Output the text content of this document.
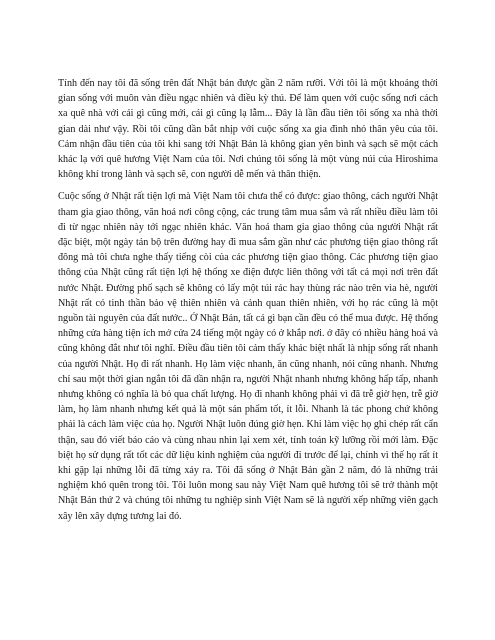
Tính đến nay tôi đã sống trên đất Nhật bản được gần 2 năm rưỡi. Với tôi là một khoảng thời gian sống với muôn vàn điều ngạc nhiên và điều kỳ thú. Để làm quen với cuộc sống nơi cách xa quê nhà với cái gì cũng mới, cái gì cũng lạ lẫm... Đây là lần đầu tiên tôi sống xa nhà thời gian dài như vậy. Rồi tôi cũng dần bắt nhịp với cuộc sống xa gia đình nhỏ thân yêu của tôi. Cảm nhận đầu tiên của tôi khi sang tới Nhật Bản là không gian yên bình và sạch sẽ một cách khác lạ với quê hương Việt Nam của tôi. Nơi chúng tôi sống là một vùng núi của Hiroshima không khí trong lành và sạch sẽ, con người dễ mến và thân thiện.

Cuộc sống ở Nhật rất tiện lợi mà Việt Nam tôi chưa thể có được: giao thông, cách người Nhật tham gia giao thông, văn hoá nơi công cộng, các trung tâm mua sắm và rất nhiều điều làm tôi đi từ ngạc nhiên này tới ngạc nhiên khác. Văn hoá tham gia giao thông của người Nhật rất đặc biệt, một ngày tản bộ trên đường hay đi mua sắm gần như các phương tiện giao thông rất đông mà tôi chưa nghe thấy tiếng còi của các phương tiện giao thông. Các phương tiện giao thông của Nhật cũng rất tiện lợi hệ thống xe điện được liên thông với tất cả mọi nơi trên đất nước Nhật. Đường phố sạch sẽ không có lấy một túi rác hay thùng rác nào trên vìa hè, người Nhật rất có tinh thần bảo vệ thiên nhiên và cảnh quan thiên nhiên, với họ rác cũng là một nguồn tài nguyên của đất nước.. Ở Nhật Bản, tất cả gì bạn cần đều có thể mua được. Hệ thống những cửa hàng tiện ích mở cửa 24 tiếng một ngày có ở khắp nơi. ở đây có nhiều hàng hoá và cũng không đắt như tôi nghĩ. Điều đầu tiên tôi cảm thấy khác biệt nhất là nhịp sống rất nhanh của người Nhật. Họ đi rất nhanh. Họ làm việc nhanh, ăn cũng nhanh, nói cũng nhanh. Nhưng chỉ sau một thời gian ngắn tôi đã dần nhận ra, người Nhật nhanh nhưng không hấp tấp, nhanh nhưng không có nghĩa là bỏ qua chất lượng. Họ đi nhanh không phải vì đã trễ giờ hẹn, trễ giờ làm, họ làm nhanh nhưng kết quả là một sản phẩm tốt, ít lỗi. Nhanh là tác phong chứ không phải là cách làm việc của họ. Người Nhật luôn đúng giờ hẹn. Khi làm việc họ ghi chép rất cẩn thận, sau đó viết báo cáo và cùng nhau nhìn lại xem xét, tính toán kỹ lưỡng rồi mới làm. Đặc biệt họ sử dụng rất tốt các dữ liệu kinh nghiệm của người đi trước để lại, chính vì thế họ rất ít khi gặp lại những lỗi đã từng xảy ra. Tôi đã sống ở Nhật Bản gần 2 năm, đó là những trải nghiệm khó quên trong tôi. Tôi luôn mong sau này Việt Nam quê hương tôi sẽ trở thành một Nhật Bản thứ 2 và chúng tôi những tu nghiệp sinh Việt Nam sẽ là người xếp những viên gạch xây lên xây dựng tương lai đó.
